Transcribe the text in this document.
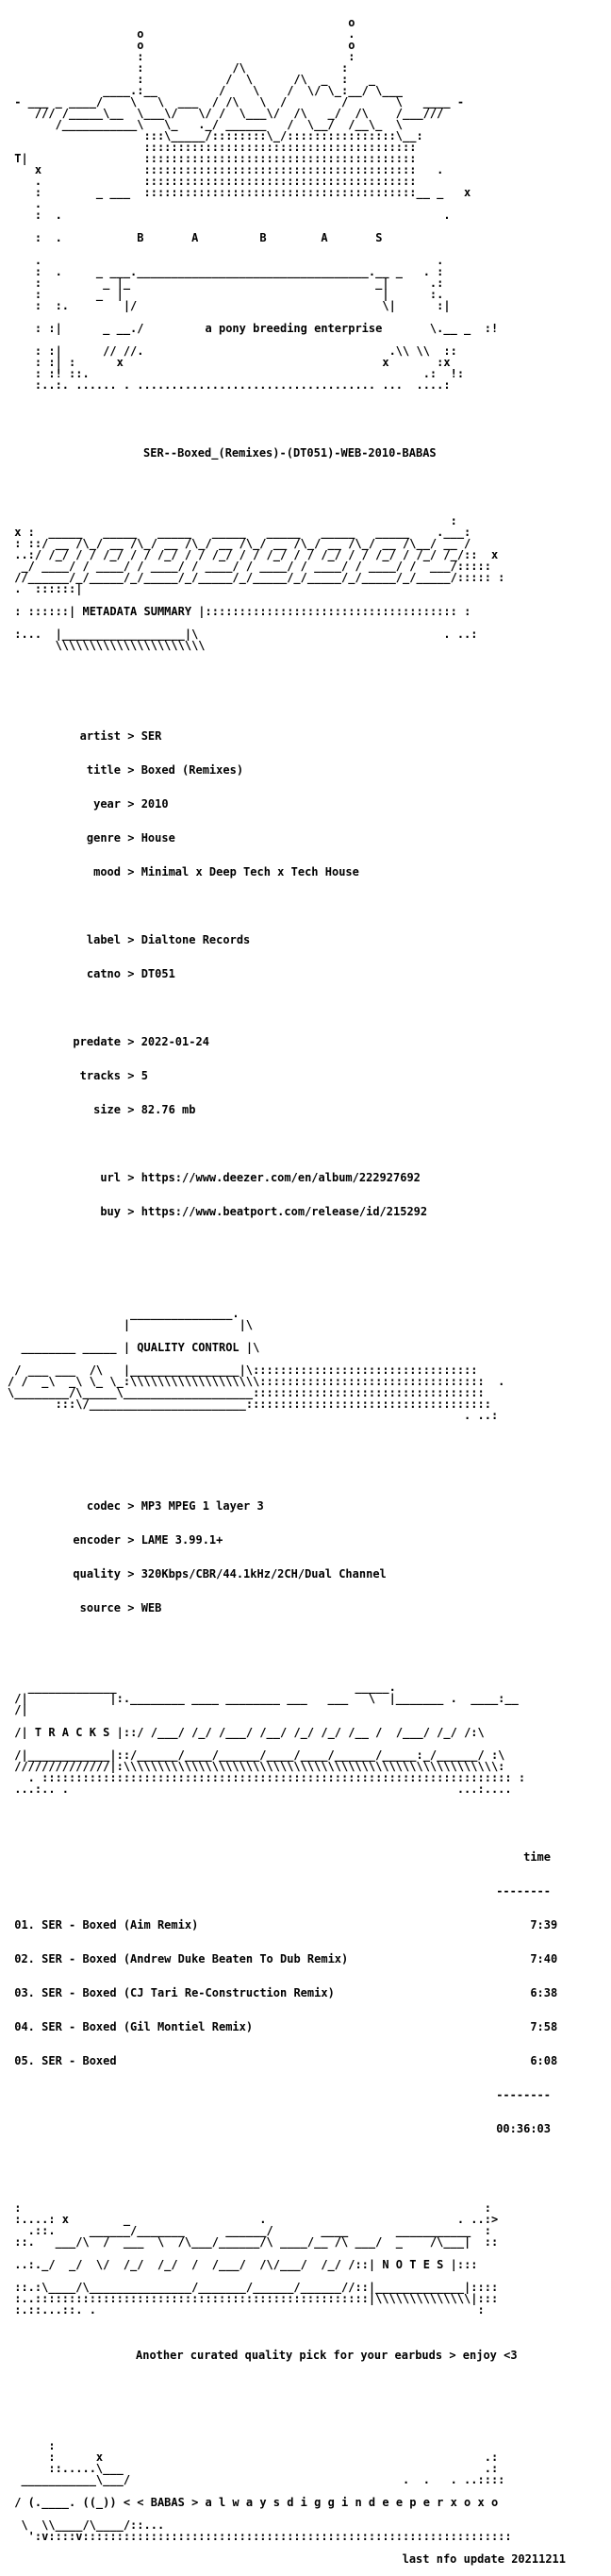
o
o                              .
o                              o
:                              :
:             /\              :
:            /  \      /\  _  :   _
____.:__         /    \    /  \/ \_:__/ \___
- ___ _ ____/    \   \  ___  / /\   \  /        /       \   ____ -
/// /_____\__  \___\/   \/ /  \___\/  /\   _/  /\    /___///
/___________\   \_   ._/ ______   /  \__/  /__\_  \
:::\_____/::::::::\_/::::::::::::::::\__:
::::::::::::::::::::::::::::::::::::::::
T|                 ::::::::::::::::::::::::::::::::::::::::
x               ::::::::::::::::::::::::::::::::::::::::   .
.               ::::::::::::::::::::::::::::::::::::::::
:        _ ___  ::::::::::::::::::::::::::::::::::::::::__ _   x
.
:  .                                                        .

:  .           B	A	B	A	S

.                                                          .
:  .     _ ___.__________________________________.__ _   . :
:         _ |_                                    _|      .:
:        _  |                                      |      :.
:  :.        |/                                    \|      :|

: :|      _ __./         a pony breeding enterprise       \.__ _  :!

: :|      // //.                                    .\\ \\  ::
: :| :      x                                      x       :x
: :! ::.                                                 .:  !:
:..:. ...... . ................................... ...  ....:

SER--Boxed_(Remixes)-(DT051)-WEB-2010-BABAS

:
x :  _____   _____   _____   _____   _____   _____   _____    .___:
: ::/ __ /\_/ __ /\_/ __ /\_/ __ /\_/ __ /\_/ __ /\_/ __ /\__/ __ /
..:/ /_/ / / /_/ / / /_/ / / /_/ / / /_/ / / /_/ / / /_/ / /_/ /_/::  x
_/ ____/ / ____/ / ____/ / ____/ / ____/ / ____/ / ____/ /  ___/:::::
//______/_/_____/_/_____/_/_____/_/_____/_/_____/_/_____/_/_____/::::: :
.  ::::::|

: ::::::| METADATA SUMMARY |::::::::::::::::::::::::::::::::::::: :

:...  |__________________|\                                    . ..:
\\\\\\\\\\\\\\\\\\\\\\

artist > SER

title > Boxed (Remixes)

year > 2010

genre > House

mood > Minimal x Deep Tech x Tech House

label > Dialtone Records

catno > DT051

predate > 2022-01-24

tracks > 5

size > 82.76 mb

url > https://www.deezer.com/en/album/222927692

buy > https://www.beatport.com/release/id/215292

_______________.
|                |\

________ _____ | QUALITY CONTROL |\

/ ___ ___  /\   |________________|\:::::::::::::::::::::::::::::::::
/ /  _\  _\ \_ \_:\\\\\\\\\\\\\\\\\\\:::::::::::::::::::::::::::::::::  .
\________/\_____\___________________::::::::::::::::::::::::::::::::::
:::\/_______________________::::::::::::::::::::::::::::::::::::
. ..:

codec > MP3 MPEG 1 layer 3

encoder > LAME 3.99.1+

quality > 320Kbps/CBR/44.1kHz/2CH/Dual Channel

source > WEB

_____________                                   _____.
/|            |:.________ ____ ________ ___   ___   \  |_______ .  ____:__
/|

/| T R A C K S |::/ /___/ /_/ /___/ /__/ /_/ /_/ /__ /  /___/ /_/ /:\

/|____________|::/______/____/______/____/____/______/_____:_/______/ :\
//////////////|:\\\\\\\\\\\\\\\\\\\\\\\\\\\\\\\\\\\\\\\\\\\\\\\\\\\\\\\:
. ::::::::::::::::::::::::::::::::::::::::::::::::::::::::::::::::::::: :
...:.. .                                                         ...:....

time

--------

01. SER - Boxed (Aim Remix)	7:39

02. SER - Boxed (Andrew Duke Beaten To Dub Remix)	7:40

03. SER - Boxed (CJ Tari Re-Construction Remix)	6:38

04. SER - Boxed (Gil Montiel Remix)	7:58

05. SER - Boxed	6:08

--------

00:36:03

:                                                                    :
:....: x        _                   .                            . ..:>
.::.     ______/_______      ______/       ____       ___________  :
::.   ___/\  /  ___  \  /\___/______/\ ____/__ /\ ___/  _    /\___|  ::

..:._/  _/  \/  /_/  /_/  /  /___/  /\/___/  /_/ /::| N O T E S |:::

::.:\____/\_______________/_______/______/______//::|_____________|::::
:..:::::::::::::::::::::::::::::::::::::::::::::::::|\\\\\\\\\\\\\\|:::
:.::...::. .                                                        :

Another curated quality pick for your earbuds > enjoy <3

:
:      x                                                        .:
::.....\___                                                     .:
___________\___/                                        .  .   . ..::::

/ (.____. ((_)) < < BABAS > a l w a y s d i g g i n d e e p e r x o x o

\  \\____/\____/::...
':v::::v:::::::::::::::::::::::::::::::::::::::::::::::::::::::::::::::

last nfo update 20211211
